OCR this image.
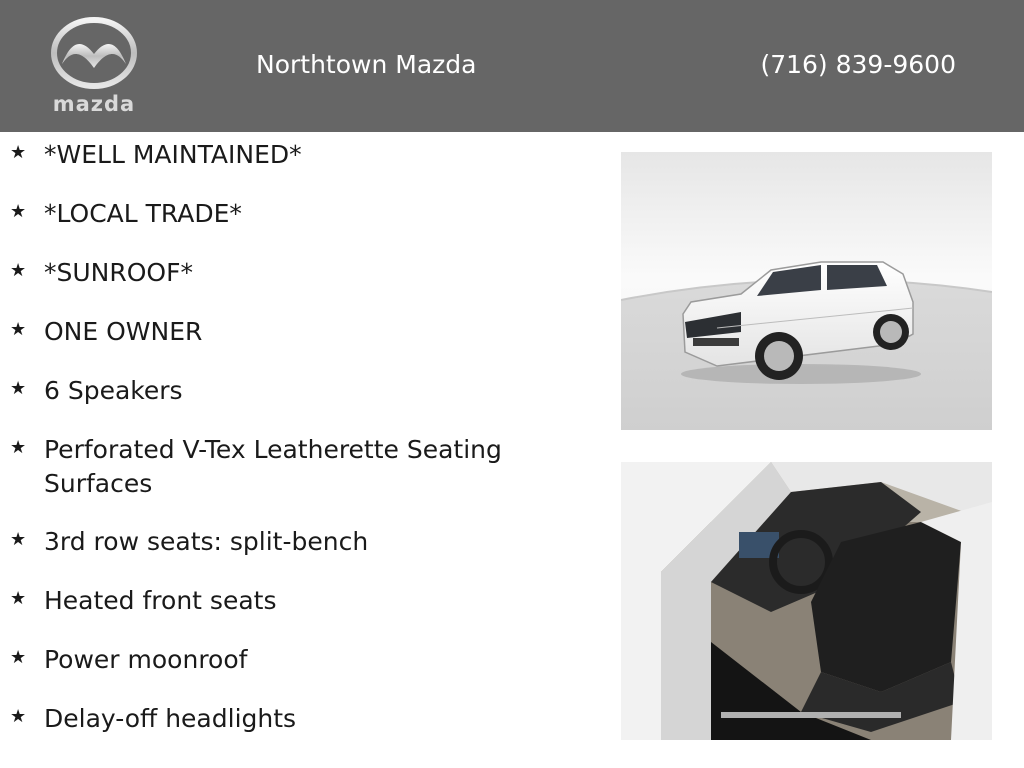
mazda
Northtown Mazda	(716) 839-9600
★ *WELL MAINTAINED*
★ *LOCAL TRADE*
★ *SUNROOF*
★ ONE OWNER
★ 6 Speakers
★ Perforated V-Tex Leatherette Seating Surfaces
★ 3rd row seats: split-bench
★ Heated front seats
★ Power moonroof
★ Delay-off headlights
